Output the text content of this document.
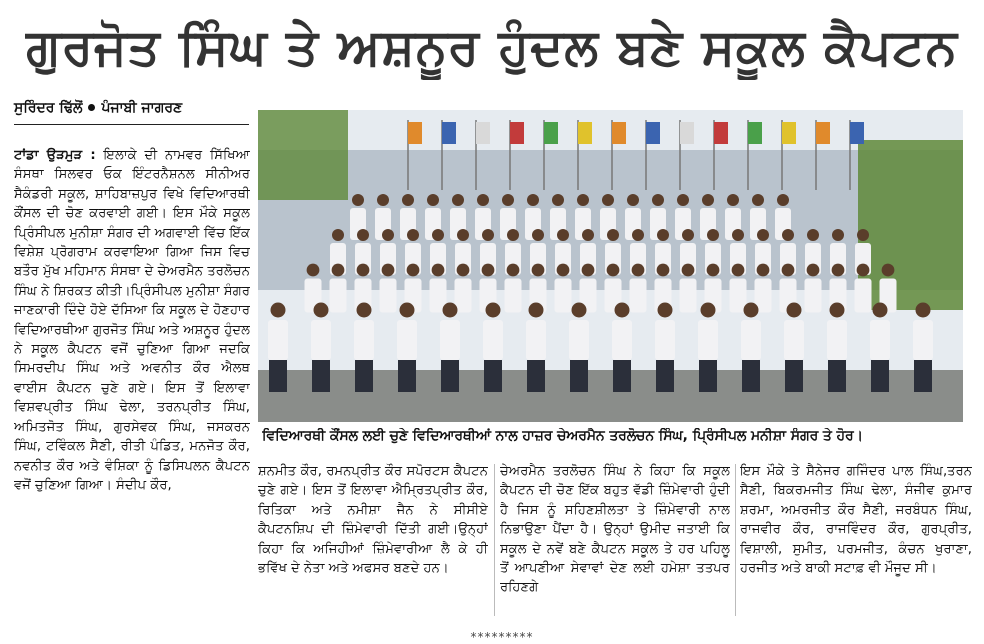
ਗੁਰਜੋਤ ਸਿੰਘ ਤੇ ਅਸ਼ਨੂਰ ਹੁੰਦਲ ਬਣੇ ਸਕੂਲ ਕੈਪਟਨ
ਸੁਰਿੰਦਰ ਢਿੱਲੋਂ ਪੰਜਾਬੀ ਜਾਗਰਣ
ਟਾਂਡਾ ਉੜਮੁੜ : ਇਲਾਕੇ ਦੀ ਨਾਮਵਰ ਸਿੱਖਿਆ ਸੰਸਥਾ ਸਿਲਵਰ ਓਕ ਇੰਟਰਨੈਸ਼ਨਲ ਸੀਨੀਅਰ ਸੈਕੰਡਰੀ ਸਕੂਲ, ਸ਼ਾਹਿਬਾਜ਼ਪੁਰ ਵਿਖੇ ਵਿਦਿਆਰਥੀ ਕੌਂਸਲ ਦੀ ਚੋਣ ਕਰਵਾਈ ਗਈ। ਇਸ ਮੌਕੇ ਸਕੂਲ ਪ੍ਰਿੰਸੀਪਲ ਮੁਨੀਸ਼ਾ ਸੰਗਰ ਦੀ ਅਗਵਾਈ ਵਿੱਚ ਇੱਕ ਵਿਸ਼ੇਸ਼ ਪ੍ਰੋਗਰਾਮ ਕਰਵਾਇਆ ਗਿਆ ਜਿਸ ਵਿਚ ਬਤੌਰ ਮੁੱਖ ਮਹਿਮਾਨ ਸੰਸਥਾ ਦੇ ਚੇਅਰਮੈਨ ਤਰਲੋਚਨ ਸਿੰਘ ਨੇ ਸ਼ਿਰਕਤ ਕੀਤੀ।ਪ੍ਰਿੰਸੀਪਲ ਮੁਨੀਸ਼ਾ ਸੰਗਰ ਜਾਣਕਾਰੀ ਦਿੰਦੇ ਹੋਏ ਦੱਸਿਆ ਕਿ ਸਕੂਲ ਦੇ ਹੋਣਹਾਰ ਵਿਦਿਆਰਥੀਆ ਗੁਰਜੋਤ ਸਿੰਘ ਅਤੇ ਅਸ਼ਨੂਰ ਹੁੰਦਲ ਨੇ ਸਕੂਲ ਕੈਪਟਨ ਵਜੋਂ ਚੁਣਿਆ ਗਿਆ ਜਦਕਿ ਸਿਮਰਦੀਪ ਸਿੰਘ ਅਤੇ ਅਵਨੀਤ ਕੌਰ ਐਲਥ ਵਾਈਸ ਕੈਪਟਨ ਚੁਣੇ ਗਏ। ਇਸ ਤੋਂ ਇਲਾਵਾ ਵਿਸ਼ਵਪ੍ਰੀਤ ਸਿੰਘ ਢੇਲਾ, ਤਰਨਪ੍ਰੀਤ ਸਿੰਘ, ਅਮਿਤਜੋਤ ਸਿੰਘ, ਗੁਰਸੇਵਕ ਸਿੰਘ, ਜਸਕਰਨ ਸਿੰਘ, ਟਵਿੰਕਲ ਸੈਣੀ, ਰੀਤੀ ਪੰਡਿਤ, ਮਨਜੋਤ ਕੌਰ, ਨਵਨੀਤ ਕੌਰ ਅਤੇ ਵੰਸ਼ਿਕਾ ਨੂੰ ਡਿਸਿਪਲਨ ਕੈਪਟਨ ਵਜੋਂ ਚੁਣਿਆ ਗਿਆ। ਸੰਦੀਪ ਕੌਰ,
ਵਿਦਿਆਰਥੀ ਕੌਂਸਲ ਲਈ ਚੁਣੇ ਵਿਦਿਆਰਥੀਆਂ ਨਾਲ ਹਾਜ਼ਰ ਚੇਅਰਮੈਨ ਤਰਲੋਚਨ ਸਿੰਘ, ਪ੍ਰਿੰਸੀਪਲ ਮਨੀਸ਼ਾ ਸੰਗਰ ਤੇ ਹੋਰ।
ਸ਼ਨਮੀਤ ਕੌਰ, ਰਮਨਪ੍ਰੀਤ ਕੌਰ ਸਪੋਰਟਸ ਕੈਪਟਨ ਚੁਣੇ ਗਏ। ਇਸ ਤੋਂ ਇਲਾਵਾ ਐਮ੍ਰਿਤਪ੍ਰੀਤ ਕੌਰ, ਰਿਤਿਕਾ ਅਤੇ ਨਮੀਸ਼ਾ ਜੈਨ ਨੇ ਸੀਸੀਏ ਕੈਪਟਨਸ਼ਿਪ ਦੀ ਜ਼ਿੰਮੇਵਾਰੀ ਦਿੱਤੀ ਗਈ।ਉਨ੍ਹਾਂ ਕਿਹਾ ਕਿ ਅਜਿਹੀਆਂ ਜ਼ਿੰਮੇਵਾਰੀਆ ਲੈ ਕੇ ਹੀ ਭਵਿੱਖ ਦੇ ਨੇਤਾ ਅਤੇ ਅਫਸਰ ਬਣਦੇ ਹਨ।
ਚੇਅਰਮੈਨ ਤਰਲੋਚਨ ਸਿੰਘ ਨੇ ਕਿਹਾ ਕਿ ਸਕੂਲ ਕੈਪਟਨ ਦੀ ਚੋਣ ਇੱਕ ਬਹੁਤ ਵੱਡੀ ਜ਼ਿੰਮੇਵਾਰੀ ਹੁੰਦੀ ਹੈ ਜਿਸ ਨੂੰ ਸਹਿਣਸ਼ੀਲਤਾ ਤੇ ਜ਼ਿੰਮੇਵਾਰੀ ਨਾਲ ਨਿਭਾਉਣਾ ਪੈਂਦਾ ਹੈ। ਉਨ੍ਹਾਂ ਉਮੀਦ ਜਤਾਈ ਕਿ ਸਕੂਲ ਦੇ ਨਵੇਂ ਬਣੇ ਕੈਪਟਨ ਸਕੂਲ ਤੇ ਹਰ ਪਹਿਲੂ ਤੋਂ ਆਪਣੀਆ ਸੇਵਾਵਾਂ ਦੇਣ ਲਈ ਹਮੇਸ਼ਾ ਤਤਪਰ ਰਹਿਣਗੇ
ਇਸ ਮੌਕੇ ਤੇ ਸੈਨੇਜਰ ਗਜਿੰਦਰ ਪਾਲ ਸਿੰਘ,ਤਰਨ ਸੈਣੀ, ਬਿਕਰਮਜੀਤ ਸਿੰਘ ਢੇਲਾ, ਸੰਜੀਵ ਕੁਮਾਰ ਸ਼ਰਮਾ, ਅਮਰਜੀਤ ਕੌਰ ਸੈਣੀ, ਜਰਬੰਧਨ ਸਿੰਘ, ਰਾਜਵੀਰ ਕੌਰ, ਰਾਜਵਿੰਦਰ ਕੌਰ, ਗੁਰਪ੍ਰੀਤ, ਵਿਸ਼ਾਲੀ, ਸੁਮੀਤ, ਪਰਮਜੀਤ, ਕੰਚਨ ਖੁਰਾਣਾ, ਹਰਜੀਤ ਅਤੇ ਬਾਕੀ ਸਟਾਫ਼ ਵੀ ਮੌਜੂਦ ਸੀ।
*********
